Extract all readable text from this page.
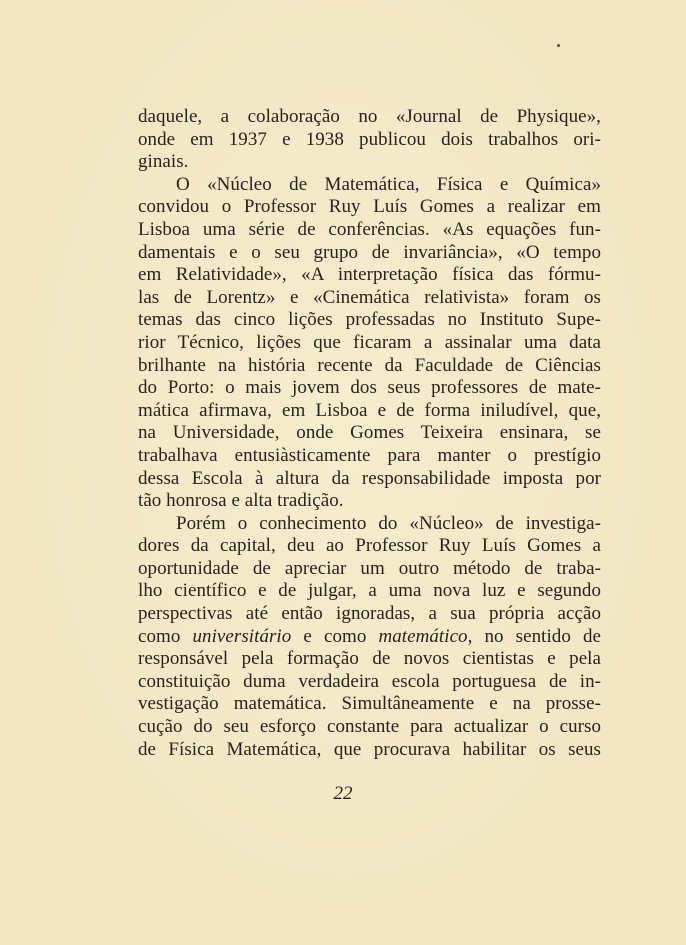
daquele, a colaboração no «Journal de Physique»,
onde em 1937 e 1938 publicou dois trabalhos ori-
ginais.
O «Núcleo de Matemática, Física e Química»
convidou o Professor Ruy Luís Gomes a realizar em
Lisboa uma série de conferências. «As equações fun-
damentais e o seu grupo de invariância», «O tempo
em Relatividade», «A interpretação física das fórmu-
las de Lorentz» e «Cinemática relativista» foram os
temas das cinco lições professadas no Instituto Supe-
rior Técnico, lições que ficaram a assinalar uma data
brilhante na história recente da Faculdade de Ciências
do Porto: o mais jovem dos seus professores de mate-
mática afirmava, em Lisboa e de forma iniludível, que,
na Universidade, onde Gomes Teixeira ensinara, se
trabalhava entusiàsticamente para manter o prestígio
dessa Escola à altura da responsabilidade imposta por
tão honrosa e alta tradição.
Porém o conhecimento do «Núcleo» de investiga-
dores da capital, deu ao Professor Ruy Luís Gomes a
oportunidade de apreciar um outro método de traba-
lho científico e de julgar, a uma nova luz e segundo
perspectivas até então ignoradas, a sua própria acção
como universitário e como matemático, no sentido de
responsável pela formação de novos cientistas e pela
constituição duma verdadeira escola portuguesa de in-
vestigação matemática. Simultâneamente e na prosse-
cução do seu esforço constante para actualizar o curso
de Física Matemática, que procurava habilitar os seus
22
